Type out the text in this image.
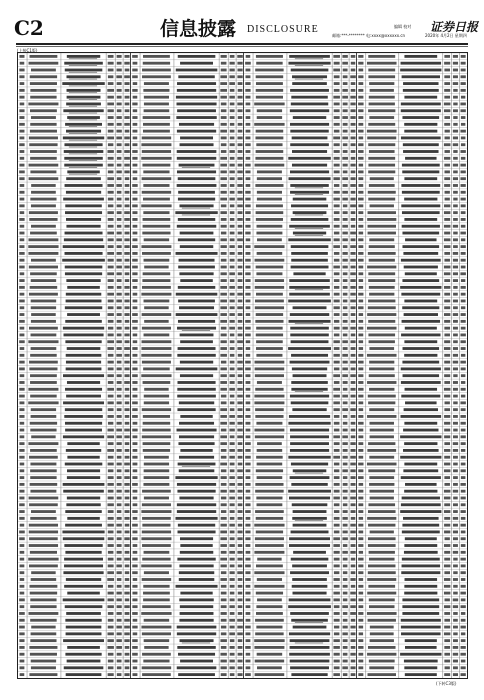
C2	信息披露 DISCLOSURE	编辑 校对
邮箱:***-******** 电:xxxx@xxxxxx.cn
证券日报
2020年 4月2日 星期四
(上接C1版)
(下转C3版)
